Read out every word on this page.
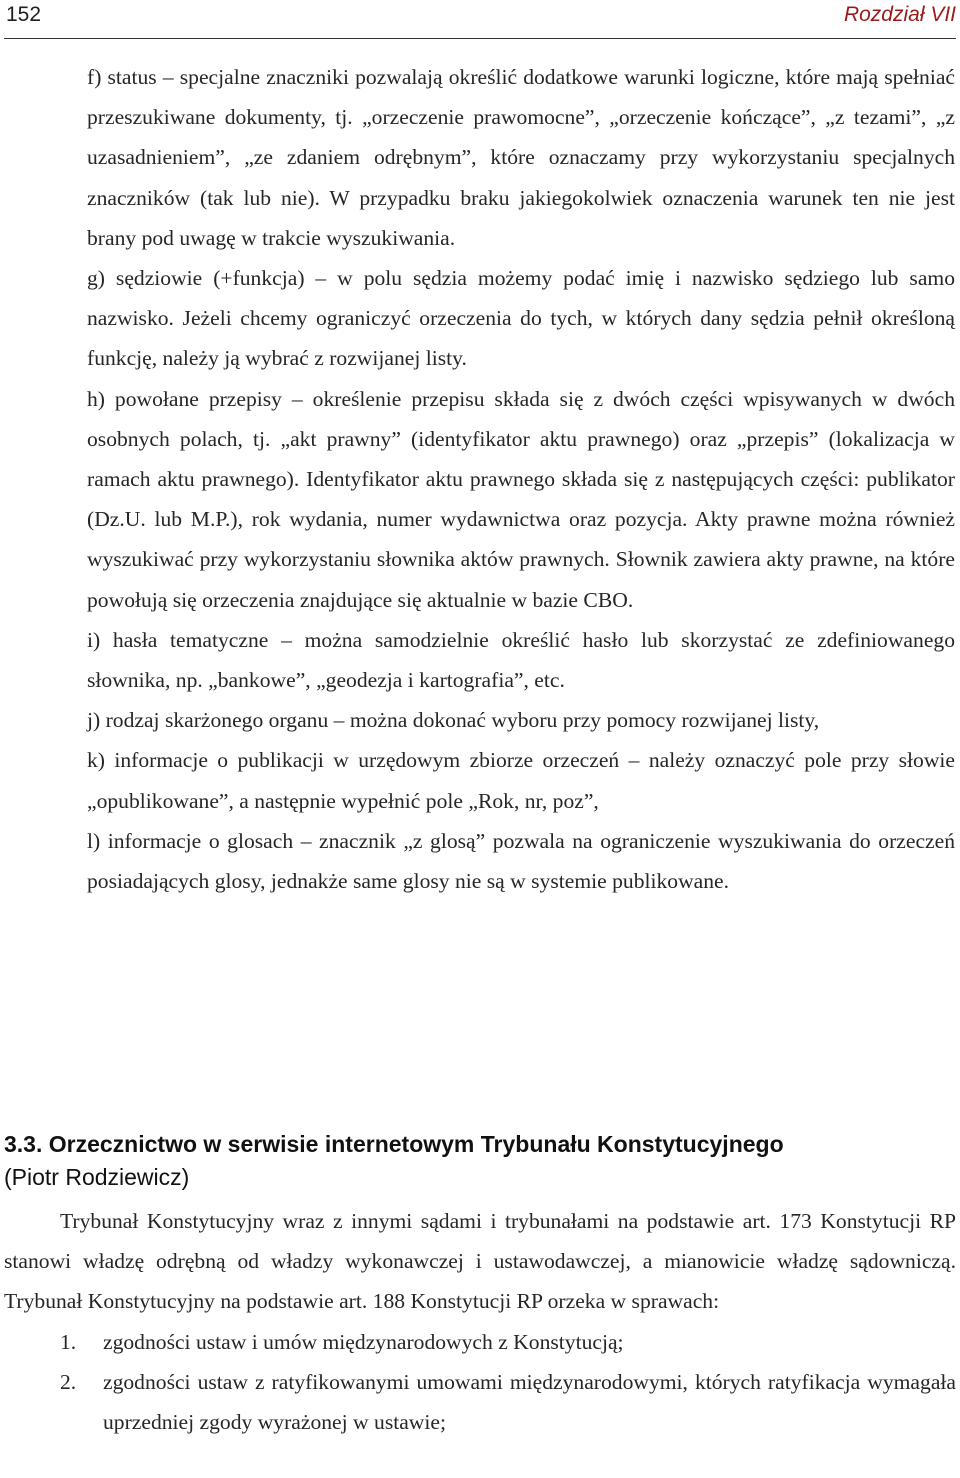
152	Rozdział VII

f) status – specjalne znaczniki pozwalają określić dodatkowe warunki logiczne, które mają spełniać przeszukiwane dokumenty, tj. „orzeczenie prawomocne”, „orzeczenie kończące”, „z tezami”, „z uzasadnieniem”, „ze zdaniem odrębnym”, które oznaczamy przy wykorzystaniu specjalnych znaczników (tak lub nie). W przypadku braku jakiegokolwiek oznaczenia warunek ten nie jest brany pod uwagę w trakcie wyszukiwania.

g) sędziowie (+funkcja) – w polu sędzia możemy podać imię i nazwisko sędziego lub samo nazwisko. Jeżeli chcemy ograniczyć orzeczenia do tych, w których dany sędzia pełnił określoną funkcję, należy ją wybrać z rozwijanej listy.

h) powołane przepisy – określenie przepisu składa się z dwóch części wpisywanych w dwóch osobnych polach, tj. „akt prawny” (identyfikator aktu prawnego) oraz „przepis” (lokalizacja w ramach aktu prawnego). Identyfikator aktu prawnego składa się z następujących części: publikator (Dz.U. lub M.P.), rok wydania, numer wydawnictwa oraz pozycja. Akty prawne można również wyszukiwać przy wykorzystaniu słownika aktów prawnych. Słownik zawiera akty prawne, na które powołują się orzeczenia znajdujące się aktualnie w bazie CBO.

i) hasła tematyczne – można samodzielnie określić hasło lub skorzystać ze zdefiniowanego słownika, np. „bankowe”, „geodezja i kartografia”, etc.

j) rodzaj skarżonego organu – można dokonać wyboru przy pomocy rozwijanej listy,

k) informacje o publikacji w urzędowym zbiorze orzeczeń – należy oznaczyć pole przy słowie „opublikowane”, a następnie wypełnić pole „Rok, nr, poz”,

l) informacje o glosach – znacznik „z glosą” pozwala na ograniczenie wyszukiwania do orzeczeń posiadających glosy, jednakże same glosy nie są w systemie publikowane.

3.3. Orzecznictwo w serwisie internetowym Trybunału Konstytucyjnego
(Piotr Rodziewicz)

Trybunał Konstytucyjny wraz z innymi sądami i trybunałami na podstawie art. 173 Konstytucji RP stanowi władzę odrębną od władzy wykonawczej i ustawodawczej, a mianowicie władzę sądowniczą. Trybunał Konstytucyjny na podstawie art. 188 Konstytucji RP orzeka w sprawach:

1. zgodności ustaw i umów międzynarodowych z Konstytucją;
2. zgodności ustaw z ratyfikowanymi umowami międzynarodowymi, których ratyfikacja wymagała uprzedniej zgody wyrażonej w ustawie;
